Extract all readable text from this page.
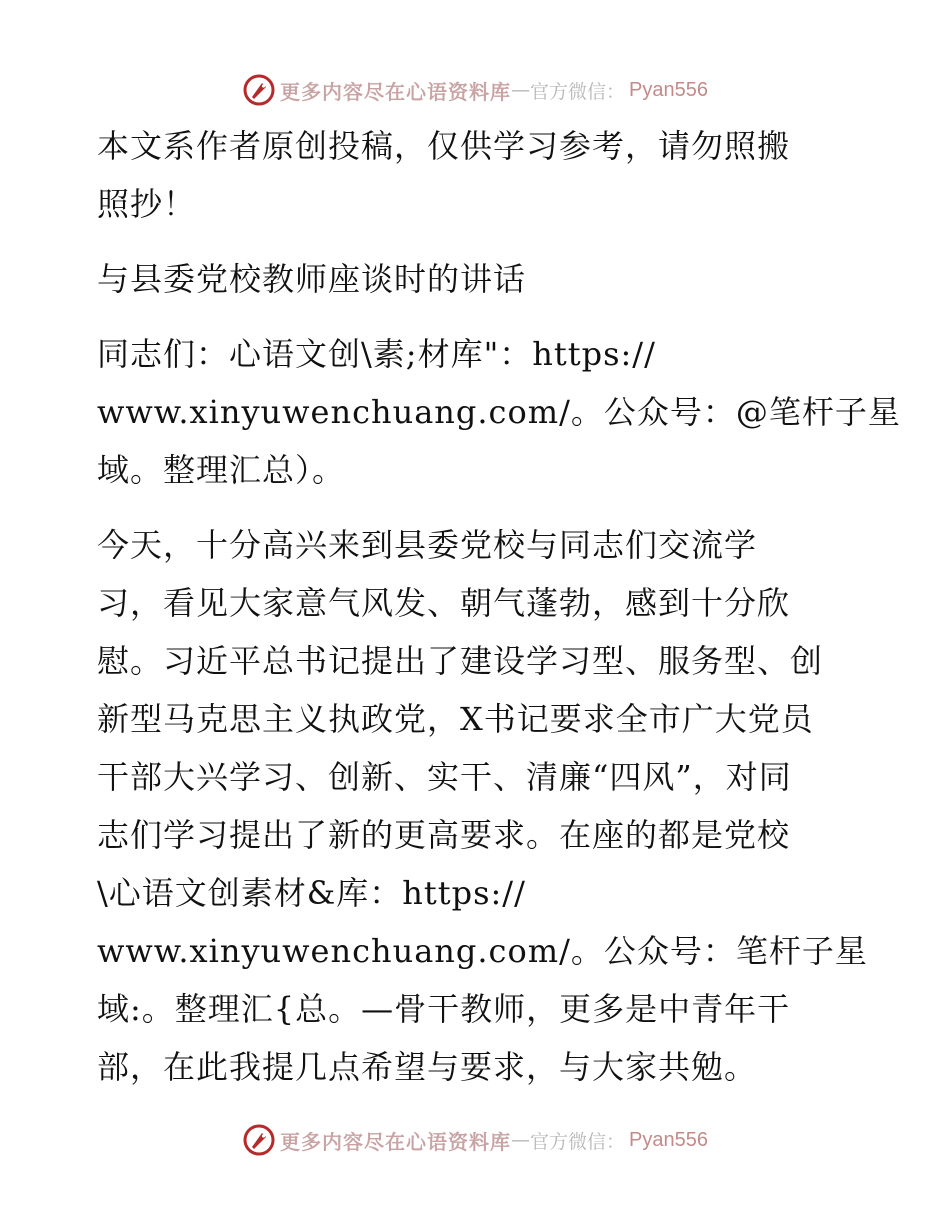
更多内容尽在心语资料库 — 官方微信 ： Pyan556
本文系作者原创投稿，仅供学习参考，请勿照搬
照抄！
与县委党校教师座谈时的讲话
同志们：心语文创\素;材库"：https://
www.xinyuwenchuang.com/。公众号：@笔杆子星
域。整理汇总）。
今天，十分高兴来到县委党校与同志们交流学
习，看见大家意气风发、朝气蓬勃，感到十分欣
慰。习近平总书记提出了建设学习型、服务型、创
新型马克思主义执政党，X书记要求全市广大党员
干部大兴学习、创新、实干、清廉“四风”，对同
志们学习提出了新的更高要求。在座的都是党校
\心语文创素材&库：https://
www.xinyuwenchuang.com/。公众号：笔杆子星
域:。整理汇{总。—骨干教师，更多是中青年干
部，在此我提几点希望与要求，与大家共勉。
更多内容尽在心语资料库 — 官方微信 ： Pyan556
